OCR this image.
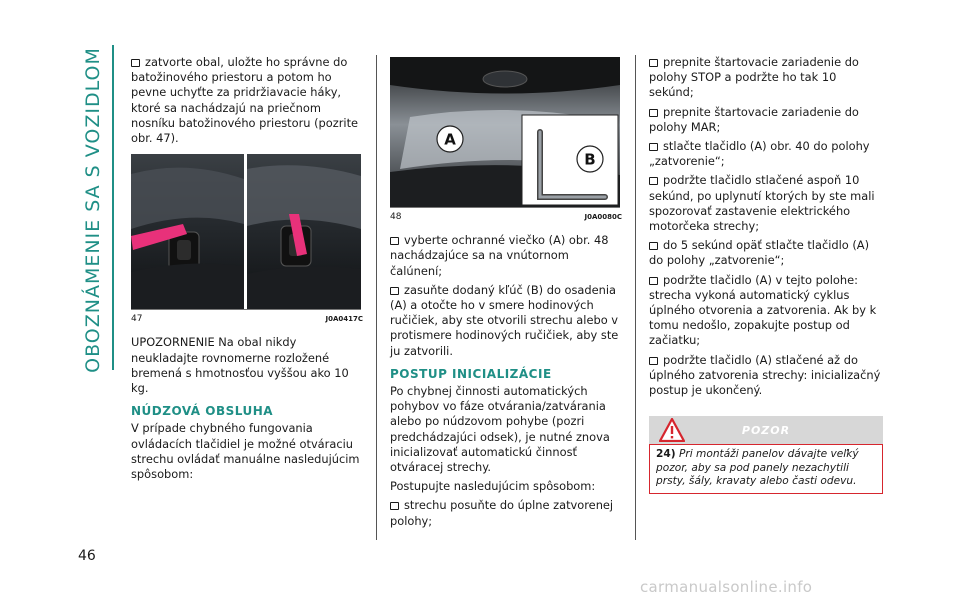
OBOZNÁMENIE SA S VOZIDLOM	zatvorte obal, uložte ho správne do batožinového priestoru a potom ho pevne uchyťte za pridržiavacie háky, ktoré sa nachádzajú na priečnom nosníku batožinového priestoru (pozrite obr. 47).

47	J0A0417C

UPOZORNENIE Na obal nikdy neukladajte rovnomerne rozložené bremená s hmotnosťou vyššou ako 10 kg.

NÚDZOVÁ OBSLUHA

V prípade chybného fungovania ovládacích tlačidiel je možné otváraciu strechu ovládať manuálne nasledujúcim spôsobom:

A
B
48	J0A0080C

vyberte ochranné viečko (A) obr. 48 nachádzajúce sa na vnútornom čalúnení;

zasuňte dodaný kľúč (B) do osadenia (A) a otočte ho v smere hodinových ručičiek, aby ste otvorili strechu alebo v protismere hodinových ručičiek, aby ste ju zatvorili.

POSTUP INICIALIZÁCIE

Po chybnej činnosti automatických pohybov vo fáze otvárania/zatvárania alebo po núdzovom pohybe (pozri predchádzajúci odsek), je nutné znova inicializovať automatickú činnosť otváracej strechy.

Postupujte nasledujúcim spôsobom:

strechu posuňte do úplne zatvorenej polohy;

prepnite štartovacie zariadenie do polohy STOP a podržte ho tak 10 sekúnd;

prepnite štartovacie zariadenie do polohy MAR;

stlačte tlačidlo (A) obr. 40 do polohy „zatvorenie“;

podržte tlačidlo stlačené aspoň 10 sekúnd, po uplynutí ktorých by ste mali spozorovať zastavenie elektrického motorčeka strechy;

do 5 sekúnd opäť stlačte tlačidlo (A) do polohy „zatvorenie“;

podržte tlačidlo (A) v tejto polohe: strecha vykoná automatický cyklus úplného otvorenia a zatvorenia. Ak by k tomu nedošlo, zopakujte postup od začiatku;

podržte tlačidlo (A) stlačené až do úplného zatvorenia strechy: inicializačný postup je ukončený.

POZOR
24) Pri montáži panelov dávajte veľký pozor, aby sa pod panely nezachytili prsty, šály, kravaty alebo časti odevu.
46
carmanualsonline.info
